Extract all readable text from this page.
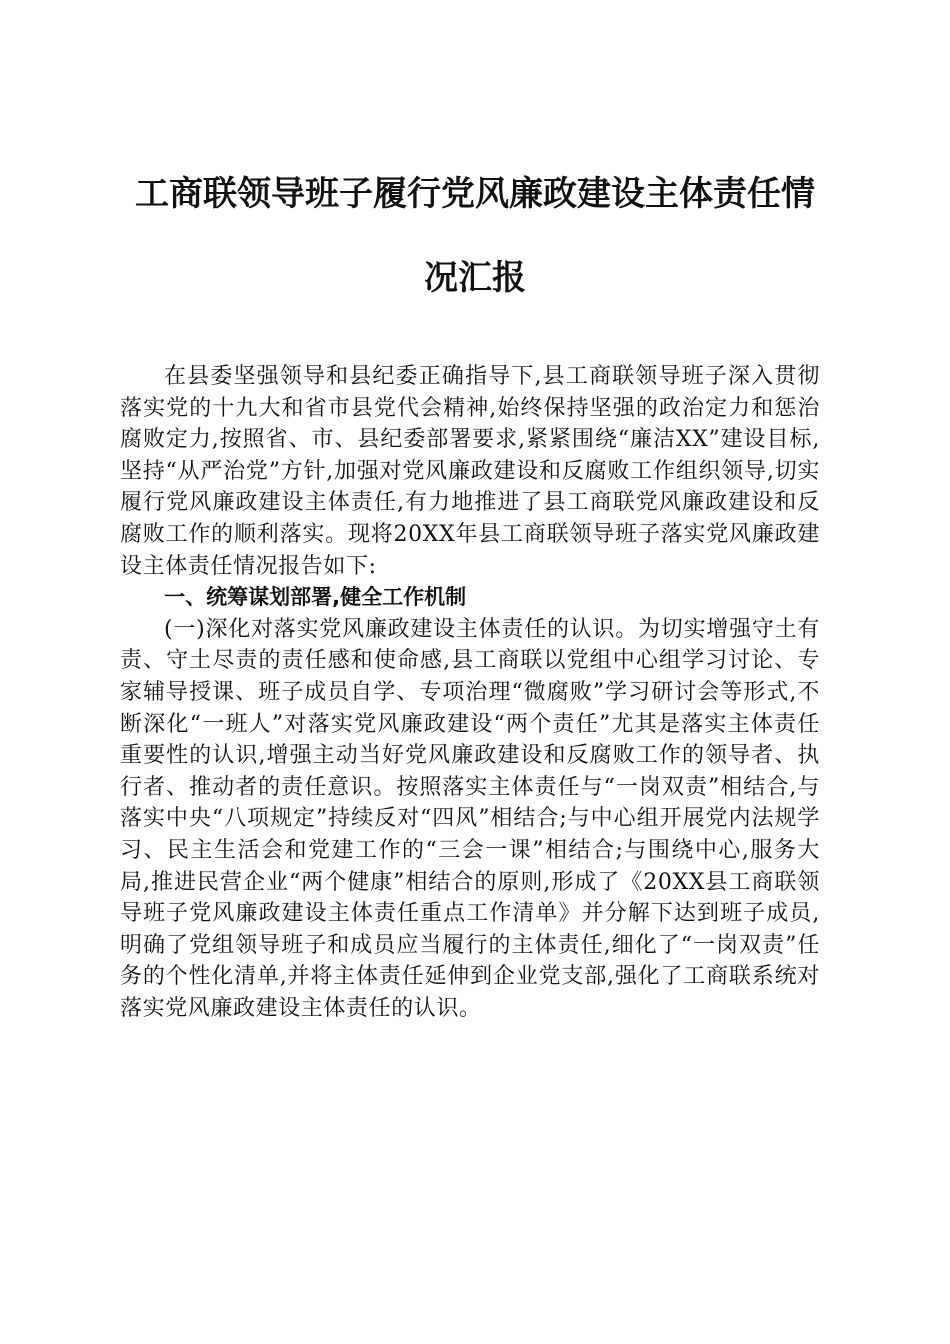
工商联领导班子履行党风廉政建设主体责任情
况汇报

在县委坚强领导和县纪委正确指导下,县工商联领导班子深入贯彻落实党的十九大和省市县党代会精神,始终保持坚强的政治定力和惩治腐败定力,按照省、市、县纪委部署要求,紧紧围绕“廉洁XX”建设目标,坚持“从严治党”方针,加强对党风廉政建设和反腐败工作组织领导,切实履行党风廉政建设主体责任,有力地推进了县工商联党风廉政建设和反腐败工作的顺利落实。现将20XX年县工商联领导班子落实党风廉政建设主体责任情况报告如下:

一、统筹谋划部署,健全工作机制

(一)深化对落实党风廉政建设主体责任的认识。为切实增强守土有责、守土尽责的责任感和使命感,县工商联以党组中心组学习讨论、专家辅导授课、班子成员自学、专项治理“微腐败”学习研讨会等形式,不断深化“一班人”对落实党风廉政建设“两个责任”尤其是落实主体责任重要性的认识,增强主动当好党风廉政建设和反腐败工作的领导者、执行者、推动者的责任意识。按照落实主体责任与“一岗双责”相结合,与落实中央“八项规定”持续反对“四风”相结合;与中心组开展党内法规学习、民主生活会和党建工作的“三会一课”相结合;与围绕中心,服务大局,推进民营企业“两个健康”相结合的原则,形成了《20XX县工商联领导班子党风廉政建设主体责任重点工作清单》并分解下达到班子成员,明确了党组领导班子和成员应当履行的主体责任,细化了“一岗双责”任务的个性化清单,并将主体责任延伸到企业党支部,强化了工商联系统对落实党风廉政建设主体责任的认识。
